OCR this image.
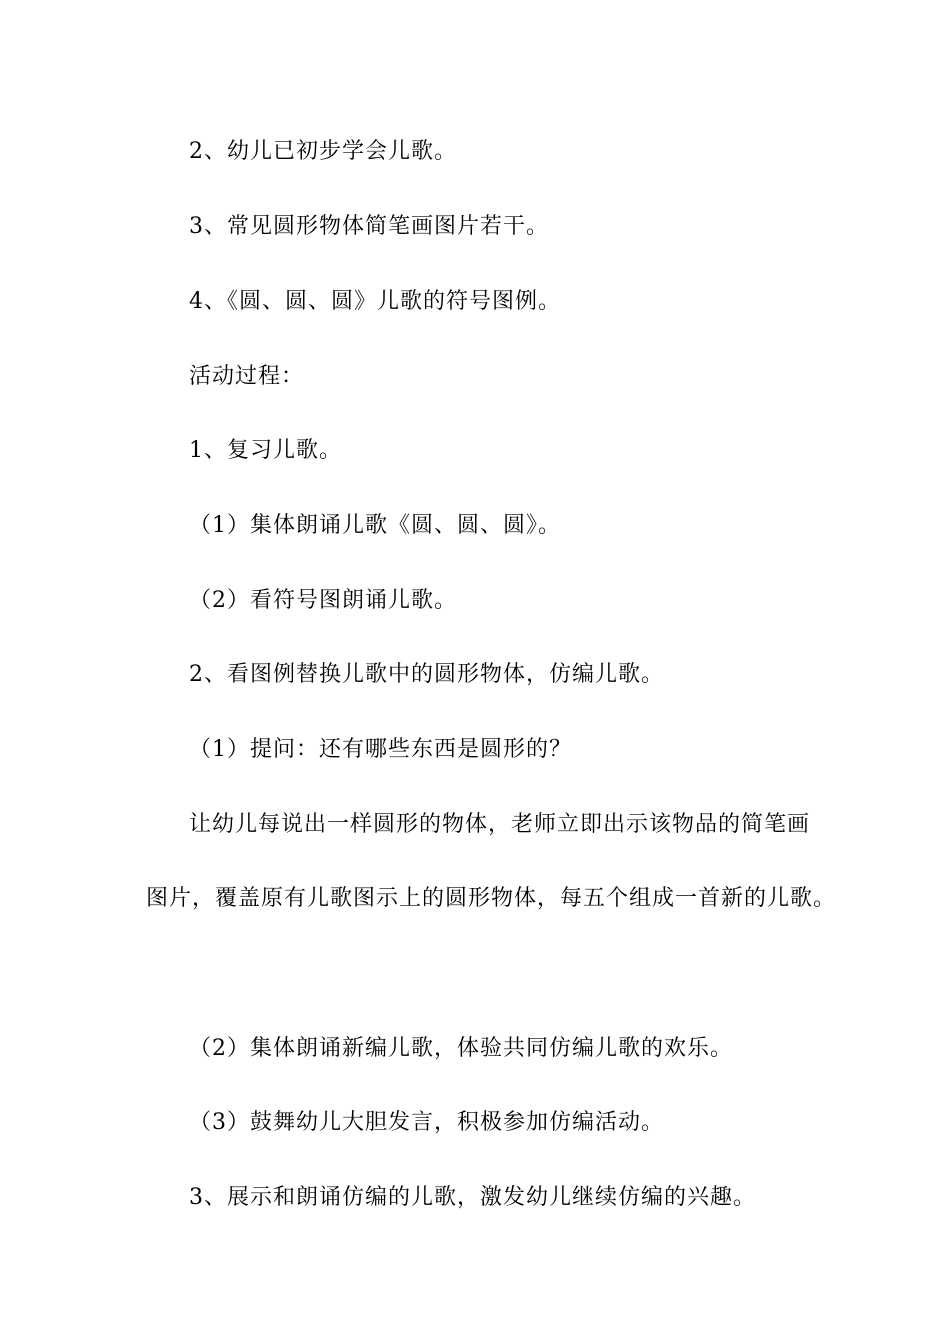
2、幼儿已初步学会儿歌。
3、常见圆形物体简笔画图片若干。
4、《圆、圆、圆》儿歌的符号图例。
活动过程：
1、复习儿歌。
（1）集体朗诵儿歌《圆、圆、圆》。
（2）看符号图朗诵儿歌。
2、看图例替换儿歌中的圆形物体，仿编儿歌。
（1）提问：还有哪些东西是圆形的？
让幼儿每说出一样圆形的物体，老师立即出示该物品的简笔画
图片，覆盖原有儿歌图示上的圆形物体，每五个组成一首新的儿歌。
（2）集体朗诵新编儿歌，体验共同仿编儿歌的欢乐。
（3）鼓舞幼儿大胆发言，积极参加仿编活动。
3、展示和朗诵仿编的儿歌，激发幼儿继续仿编的兴趣。
